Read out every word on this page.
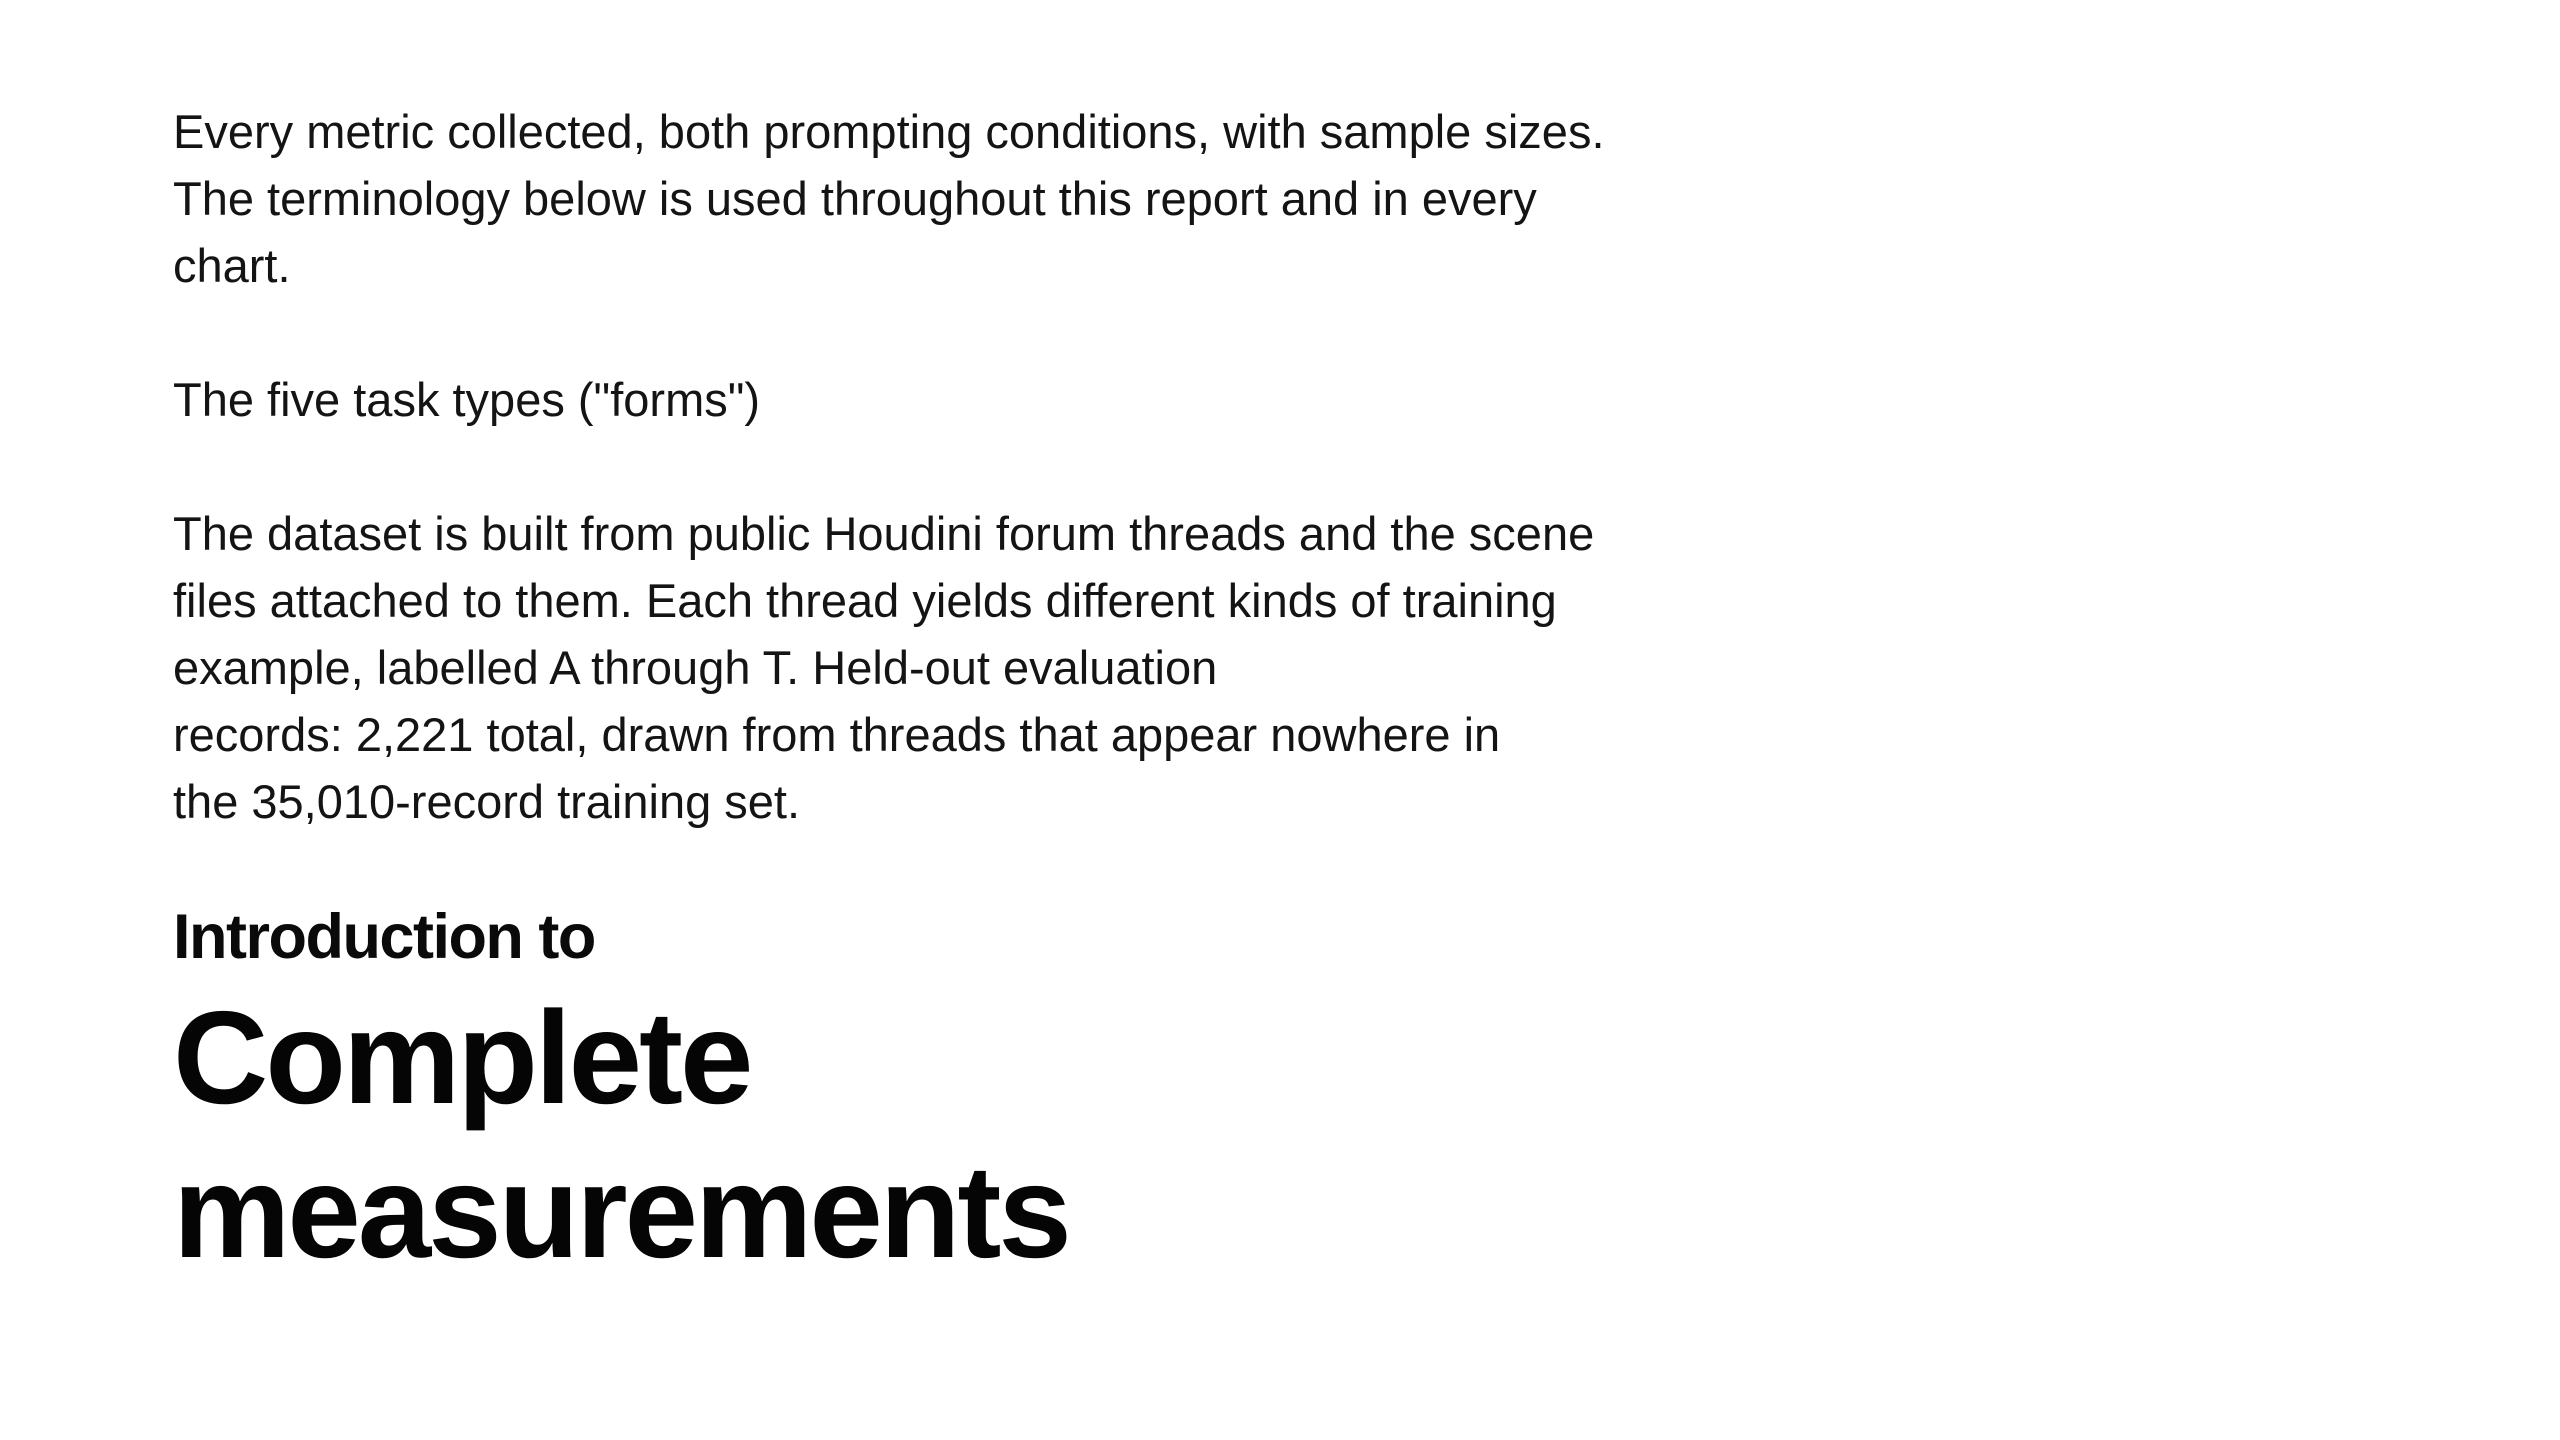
Every metric collected, both prompting conditions, with sample sizes.
The terminology below is used throughout this report and in every
chart.

The five task types ("forms")

The dataset is built from public Houdini forum threads and the scene
files attached to them. Each thread yields different kinds of training
example, labelled A through T. Held-out evaluation
records: 2,221 total, drawn from threads that appear nowhere in
the 35,010-record training set.

Introduction to

Complete
measurements
